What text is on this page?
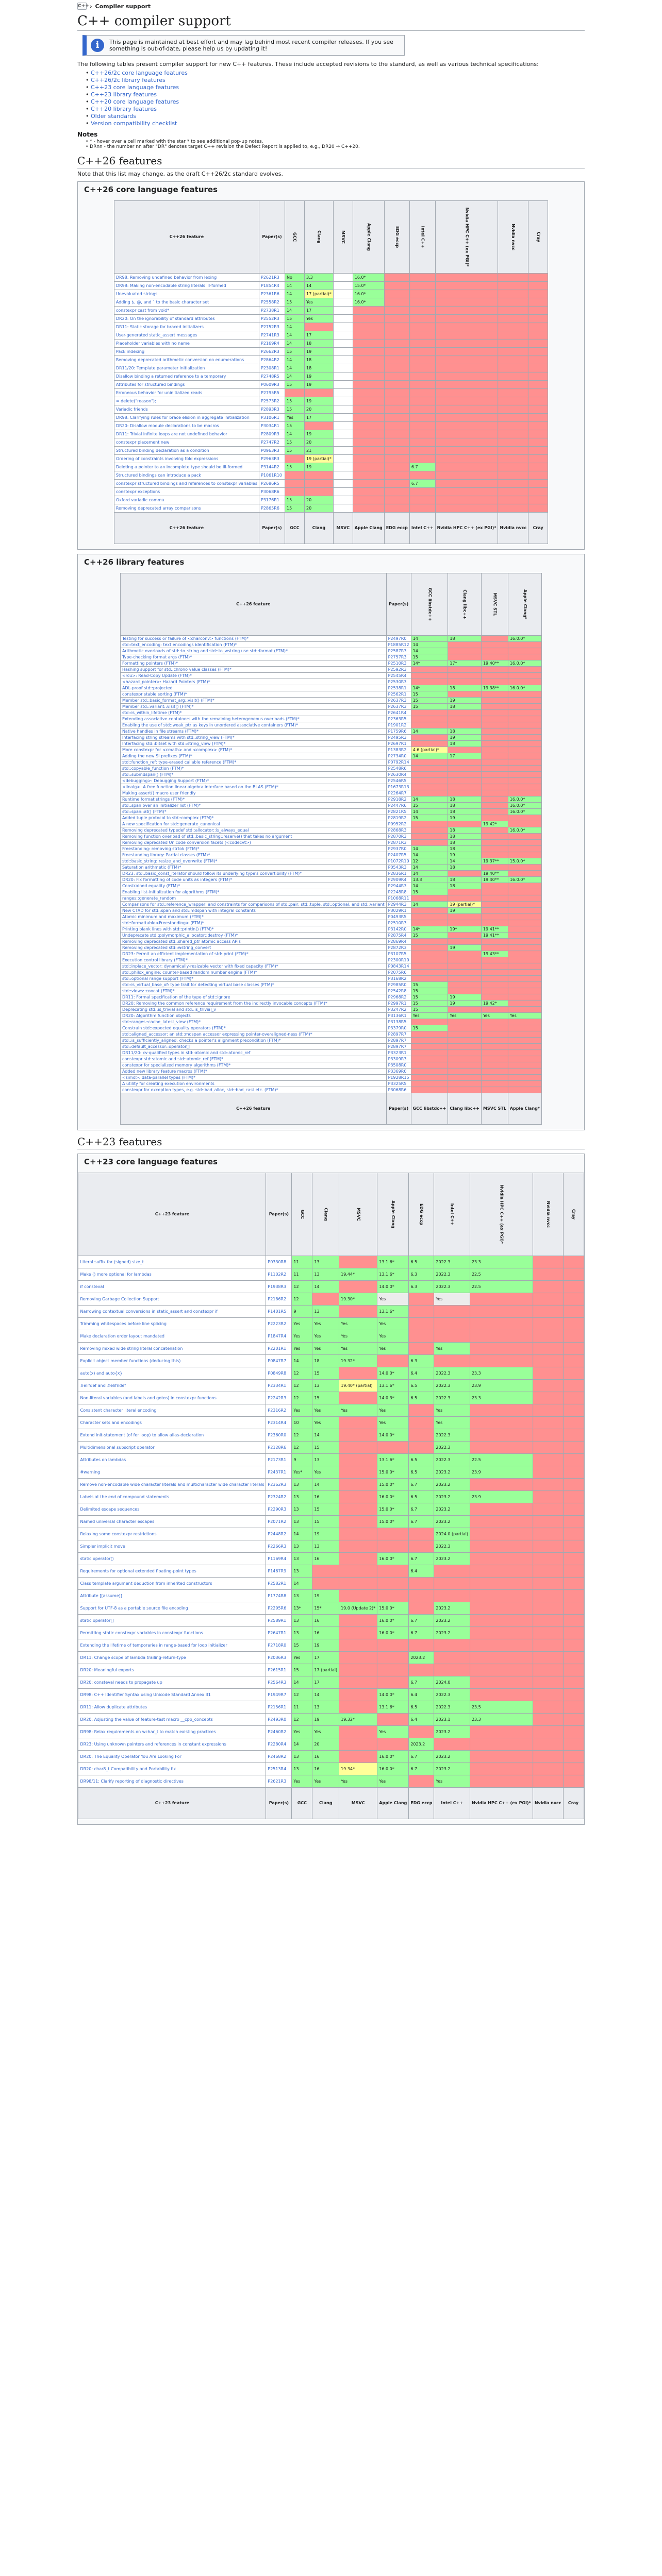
C++ › Compiler support
C++ compiler support
i	This page is maintained at best effort and may lag behind most recent compiler releases. If you see something is out-of-date, please help us by updating it!

The following tables present compiler support for new C++ features. These include accepted revisions to the standard, as well as various technical specifications:

• C++26/2c core language features
• C++26/2c library features
• C++23 core language features
• C++23 library features
• C++20 core language features
• C++20 library features
• Older standards
• Version compatibility checklist
Notes
• * - hover over a cell marked with the star * to see additional pop-up notes.
• DRnn - the number nn after "DR" denotes target C++ revision the Defect Report is applied to, e.g., DR20 → C++20.
C++26 features

Note that this list may change, as the draft C++26/2c standard evolves.

C++26 core language features
C++26 feature	Paper(s)	GCC	Clang	MSVC	Apple Clang	EDG eccp	Intel C++	Nvidia HPC C++ (ex PGI)*	Nvidia nvcc	Cray
DR98: Removing undefined behavior from lexing	P2621R3	No	3.3		16.0*					
DR98: Making non-encodable string literals ill-formed	P1854R4	14	14		15.0*					
Unevaluated strings	P2361R6	14	17 (partial)*		16.0*					
Adding $, @, and ` to the basic character set	P2558R2	15	Yes		16.0*					
constexpr cast from void*	P2738R1	14	17							
DR20: On the ignorability of standard attributes	P2552R3	15	Yes							
DR11: Static storage for braced initializers	P2752R3	14								
User-generated static_assert messages	P2741R3	14	17							
Placeholder variables with no name	P2169R4	14	18							
Pack indexing	P2662R3	15	19							
Removing deprecated arithmetic conversion on enumerations	P2864R2	14	18							
DR11/20: Template parameter initialization	P2308R1	14	18							
Disallow binding a returned reference to a temporary	P2748R5	14	19							
Attributes for structured bindings	P0609R3	15	19							
Erroneous behavior for uninitialized reads	P2795R5									
= delete("reason");	P2573R2	15	19							
Variadic friends	P2893R3	15	20							
DR98: Clarifying rules for brace elision in aggregate initialization	P3106R1	Yes	17							
DR20: Disallow module declarations to be macros	P3034R1	15								
DR11: Trivial infinite loops are not undefined behavior	P2809R3	14	19							
constexpr placement new	P2747R2	15	20							
Structured binding declaration as a condition	P0963R3	15	21							
Ordering of constraints involving fold expressions	P2963R3		19 (partial)*							
Deleting a pointer to an incomplete type should be ill-formed	P3144R2	15	19				6.7			
Structured bindings can introduce a pack	P1061R10									
constexpr structured bindings and references to constexpr variables	P2686R5						6.7			
constexpr exceptions	P3068R6									
Oxford variadic comma	P3176R1	15	20							
Removing deprecated array comparisons	P2865R6	15	20							
C++26 feature	Paper(s)	GCC	Clang	MSVC	Apple Clang	EDG eccp	Intel C++	Nvidia HPC C++ (ex PGI)*	Nvidia nvcc	Cray
C++26 library features
C++26 feature	Paper(s)	GCC libstdc++	Clang libc++	MSVC STL	Apple Clang*
Testing for success or failure of <charconv> functions (FTM)*	P2497R0	14	18		16.0.0*
std::text_encoding: text encodings identification (FTM)*	P1885R12	14			
Arithmetic overloads of std::to_string and std::to_wstring use std::format (FTM)*	P2587R3	14			
Type-checking format args (FTM)*	P2757R3	15			
Formatting pointers (FTM)*	P2510R3	14*	17*	19.40**	16.0.0*
Hashing support for std::chrono value classes (FTM)*	P2592R3				
<rcu>: Read-Copy Update (FTM)*	P2545R4				
<hazard_pointer>: Hazard Pointers (FTM)*	P2530R3				
ADL-proof std::projected	P2538R1	14*	18	19.38**	16.0.0*
constexpr stable sorting (FTM)*	P2562R1	15			
Member std::basic_format_arg::visit() (FTM)*	P2637R3	15	19		
Member std::variant::visit() (FTM)*	P2637R3	15	18		
std::is_within_lifetime (FTM)*	P2641R4				
Extending associative containers with the remaining heterogeneous overloads (FTM)*	P2363R5				
Enabling the use of std::weak_ptr as keys in unordered associative containers (FTM)*	P1901R2				
Native handles in file streams (FTM)*	P1759R6	14	18		
Interfacing string streams with std::string_view (FTM)*	P2495R3		19		
Interfacing std::bitset with std::string_view (FTM)*	P2697R1		18		
More constexpr for <cmath> and <complex> (FTM)*	P1383R2	4.6 (partial)*			
Adding the new SI prefixes (FTM)*	P2734R0	14	17		
std::function_ref: type-erased callable reference (FTM)*	P0792R14				
std::copyable_function (FTM)*	P2548R6				
std::submdspan() (FTM)*	P2630R4				
<debugging>: Debugging Support (FTM)*	P2546R5				
<linalg>: A free function linear algebra interface based on the BLAS (FTM)*	P1673R13				
Making assert() macro user friendly	P2264R7				
Runtime format strings (FTM)*	P2918R2	14	18		16.0.0*
std::span over an initializer list (FTM)*	P2447R6	15	18		16.0.0*
std::span::at() (FTM)*	P2821R5	14	18		16.0.0*
Added tuple protocol to std::complex (FTM)*	P2819R2	15	19		
A new specification for std::generate_canonical	P0952R2			19.42*	
Removing deprecated typedef std::allocator::is_always_equal	P2868R3		18		16.0.0*
Removing function overload of std::basic_string::reserve() that takes no argument	P2870R3		18		
Removing deprecated Unicode conversion facets (<codecvt>)	P2871R3		18		
Freestanding: removing strtok (FTM)*	P2937R0	14	18		
Freestanding library: Partial classes (FTM)*	P2407R5	14	19		
std::basic_string::resize_and_overwrite (FTM)*	P1072R10	12	14	19.37**	15.0.0*
Saturation arithmetic (FTM)*	P0543R3	14	18		
DR23: std::basic_const_iterator should follow its underlying type's convertibility (FTM)*	P2836R1	14		19.40**	
DR20: Fix formatting of code units as integers (FTM)*	P2909R4	13.3	18	19.40**	16.0.0*
Constrained equality (FTM)*	P2944R3	14	18		
Enabling list-initialization for algorithms (FTM)*	P2248R8	15			
ranges::generate_random	P1068R11				
Comparisons for std::reference_wrapper, and constraints for comparisons of std::pair, std::tuple, std::optional, and std::variant	P2944R3	14	19 (partial)*		
New CTAD for std::span and std::mdspan with integral constants	P3029R1		19		
Atomic minimum and maximum (FTM)*	P0493R5				
std::formattable<Freestanding> (FTM)*	P2510R3				
Printing blank lines with std::println() (FTM)*	P3142R0	14*	19*	19.41**	
Undeprecate std::polymorphic_allocator::destroy (FTM)*	P2875R4	15		19.41**	
Removing deprecated std::shared_ptr atomic access APIs	P2869R4				
Removing deprecated std::wstring_convert	P2872R3		19		
DR23: Permit an efficient implementation of std::print (FTM)*	P3107R5			19.43**	
Execution control library (FTM)*	P2300R10				
std::inplace_vector: dynamically-resizable vector with fixed capacity (FTM)*	P0843R14				
std::philox_engine: counter-based random number engine (FTM)*	P2075R6				
std::optional range support (FTM)*	P3168R2				
std::is_virtual_base_of: type trait for detecting virtual base classes (FTM)*	P2985R0	15			
std::views::concat (FTM)*	P2542R8	15			
DR11: Formal specification of the type of std::ignore	P2968R2	15	19		
DR20: Removing the common reference requirement from the indirectly invocable concepts (FTM)*	P2997R1	15	19	19.42*	
Deprecating std::is_trivial and std::is_trivial_v	P3247R2	15			
DR20: Algorithm function objects	P3136R1	Yes	Yes	Yes	Yes
std::ranges::cache_latest_view (FTM)*	P3138R5				
Constrain std::expected equality operators (FTM)*	P3379R0	15			
std::aligned_accessor: an std::mdspan accessor expressing pointer-overaligned-ness (FTM)*	P2897R7				
std::is_sufficiently_aligned: checks a pointer's alignment precondition (FTM)*	P2897R7				
std::default_accessor::operator[]	P2897R7				
DR11/20: cv-qualified types in std::atomic and std::atomic_ref	P3323R1				
constexpr std::atomic and std::atomic_ref (FTM)*	P3309R3				
constexpr for specialized memory algorithms (FTM)*	P3508R0				
Added new library feature macros (FTM)*	P3369R0				
<simd>: data-parallel types (FTM)*	P1928R15				
A utility for creating execution environments	P3325R5				
constexpr for exception types, e.g. std::bad_alloc, std::bad_cast etc. (FTM)*	P3068R6				
C++26 feature	Paper(s)	GCC libstdc++	Clang libc++	MSVC STL	Apple Clang*
C++23 features
C++23 core language features
C++23 feature	Paper(s)	GCC	Clang	MSVC	Apple Clang	EDG eccp	Intel C++	Nvidia HPC C++ (ex PGI)*	Nvidia nvcc	Cray
Literal suffix for (signed) size_t	P0330R8	11	13		13.1.6*	6.5	2022.3	23.3		
Make () more optional for lambdas	P1102R2	11	13	19.44*	13.1.6*	6.3	2022.3	22.5		
if consteval	P1938R3	12	14		14.0.0*	6.3	2022.3	22.5		
Removing Garbage Collection Support	P2186R2	12		19.30*	Yes		Yes			
Narrowing contextual conversions in static_assert and constexpr if	P1401R5	9	13		13.1.6*					
Trimming whitespaces before line splicing	P2223R2	Yes	Yes	Yes	Yes					
Make declaration order layout mandated	P1847R4	Yes	Yes	Yes	Yes					
Removing mixed wide string literal concatenation	P2201R1	Yes	Yes	Yes	Yes		Yes			
Explicit object member functions (deducing this)	P0847R7	14	18	19.32*		6.3				
auto(x) and auto{x}	P0849R8	12	15		14.0.0*	6.4	2022.3	23.3		
#elifdef and #elifndef	P2334R1	12	13	19.40* (partial)	13.1.6*	6.5	2022.3	23.9		
Non-literal variables (and labels and gotos) in constexpr functions	P2242R3	12	15		14.0.3*	6.5	2022.3	23.3		
Consistent character literal encoding	P2316R2	Yes	Yes	Yes	Yes		Yes			
Character sets and encodings	P2314R4	10	Yes		Yes		Yes			
Extend init-statement (of for loop) to allow alias-declaration	P2360R0	12	14		14.0.0*		2022.3			
Multidimensional subscript operator	P2128R6	12	15				2022.3			
Attributes on lambdas	P2173R1	9	13		13.1.6*	6.5	2022.3	22.5		
#warning	P2437R1	Yes*	Yes		15.0.0*	6.5	2023.2	23.9		
Remove non-encodable wide character literals and multicharacter wide character literals	P2362R3	13	14		15.0.0*	6.7	2023.2			
Labels at the end of compound statements	P2324R2	13	16		16.0.0*	6.5	2023.2	23.9		
Delimited escape sequences	P2290R3	13	15		15.0.0*	6.7	2023.2			
Named universal character escapes	P2071R2	13	15		15.0.0*	6.7	2023.2			
Relaxing some constexpr restrictions	P2448R2	14	19				2024.0 (partial)			
Simpler implicit move	P2266R3	13	13				2022.3			
static operator()	P1169R4	13	16		16.0.0*	6.7	2023.2			
Requirements for optional extended floating-point types	P1467R9	13				6.4				
Class template argument deduction from inherited constructors	P2582R1	14								
Attribute [[assume]]	P1774R8	13	19							
Support for UTF-8 as a portable source file encoding	P2295R6	13*	15*	19.0 (Update 2)*	15.0.0*		2023.2			
static operator[]	P2589R1	13	16		16.0.0*	6.7	2023.2			
Permitting static constexpr variables in constexpr functions	P2647R1	13	16		16.0.0*	6.7	2023.2			
Extending the lifetime of temporaries in range-based for loop initializer	P2718R0	15	19							
DR11: Change scope of lambda trailing-return-type	P2036R3	Yes	17			2023.2				
DR20: Meaningful exports	P2615R1	15	17 (partial)							
DR20: consteval needs to propagate up	P2564R3	14	17			6.7	2024.0			
DR98: C++ Identifier Syntax using Unicode Standard Annex 31	P1949R7	12	14		14.0.0*	6.4	2022.3			
DR11: Allow duplicate attributes	P2156R1	11	13		13.1.6*	6.5	2022.3	23.5		
DR20: Adjusting the value of feature-test macro __cpp_concepts	P2493R0	12	19	19.32*		6.4	2023.1	23.3		
DR98: Relax requirements on wchar_t to match existing practices	P2460R2	Yes	Yes		Yes		2023.2			
DR23: Using unknown pointers and references in constant expressions	P2280R4	14	20			2023.2				
DR20: The Equality Operator You Are Looking For	P2468R2	13	16		16.0.0*	6.7	2023.2			
DR20: char8_t Compatibility and Portability fix	P2513R4	13	16	19.34*	16.0.0*	6.7	2023.2			
DR98/11: Clarify reporting of diagnostic directives	P2621R3	Yes	Yes	Yes	Yes		Yes			
C++23 feature	Paper(s)	GCC	Clang	MSVC	Apple Clang	EDG eccp	Intel C++	Nvidia HPC C++ (ex PGI)*	Nvidia nvcc	Cray
